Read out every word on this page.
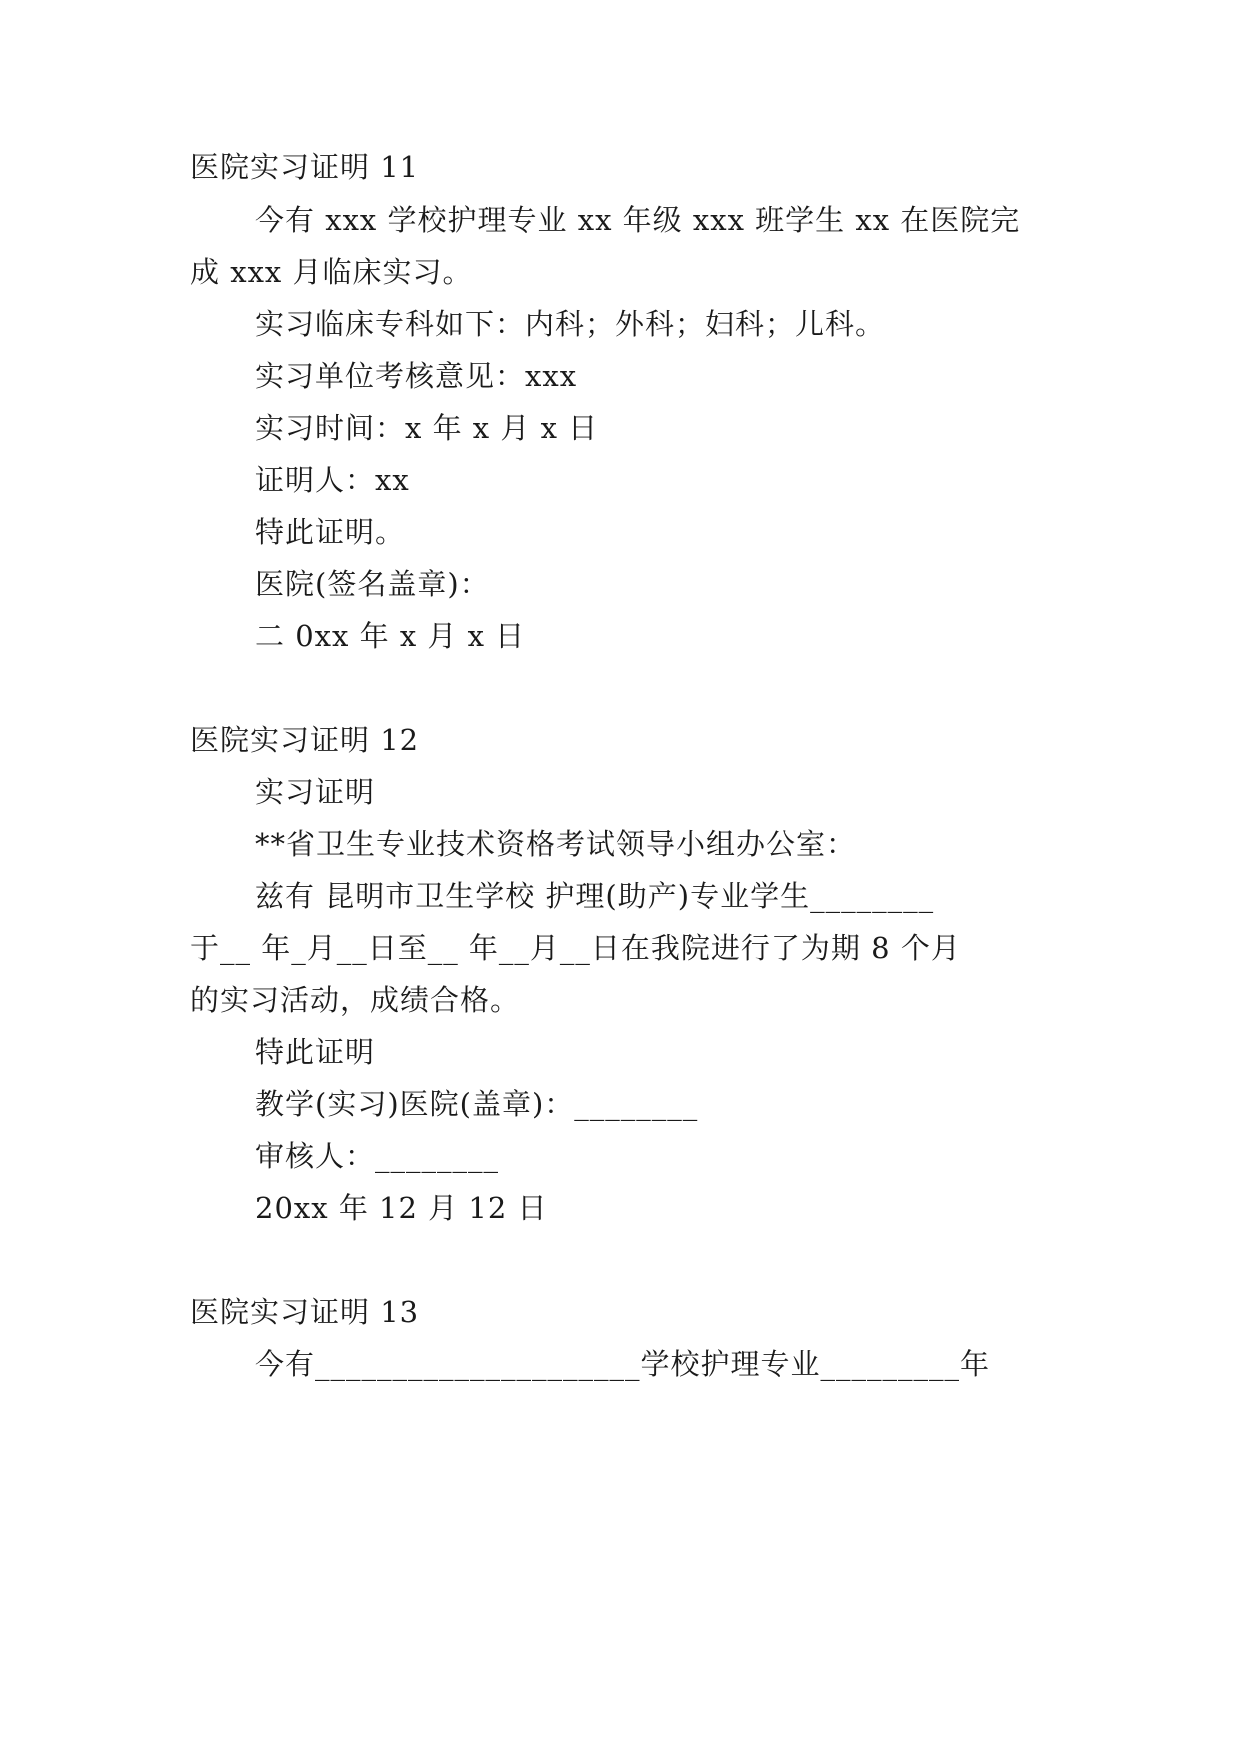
医院实习证明 11
今有 xxx 学校护理专业 xx 年级 xxx 班学生 xx 在医院完
成 xxx 月临床实习。
实习临床专科如下：内科；外科；妇科；儿科。
实习单位考核意见：xxx
实习时间：x 年 x 月 x 日
证明人：xx
特此证明。
医院(签名盖章)：
二 0xx 年 x 月 x 日
医院实习证明 12
实习证明
**省卫生专业技术资格考试领导小组办公室：
兹有 昆明市卫生学校 护理(助产)专业学生________
于__ 年_月__日至__ 年__月__日在我院进行了为期 8 个月
的实习活动，成绩合格。
特此证明
教学(实习)医院(盖章)：________
审核人：________
20xx 年 12 月 12 日
医院实习证明 13
今有_____________________学校护理专业_________年
